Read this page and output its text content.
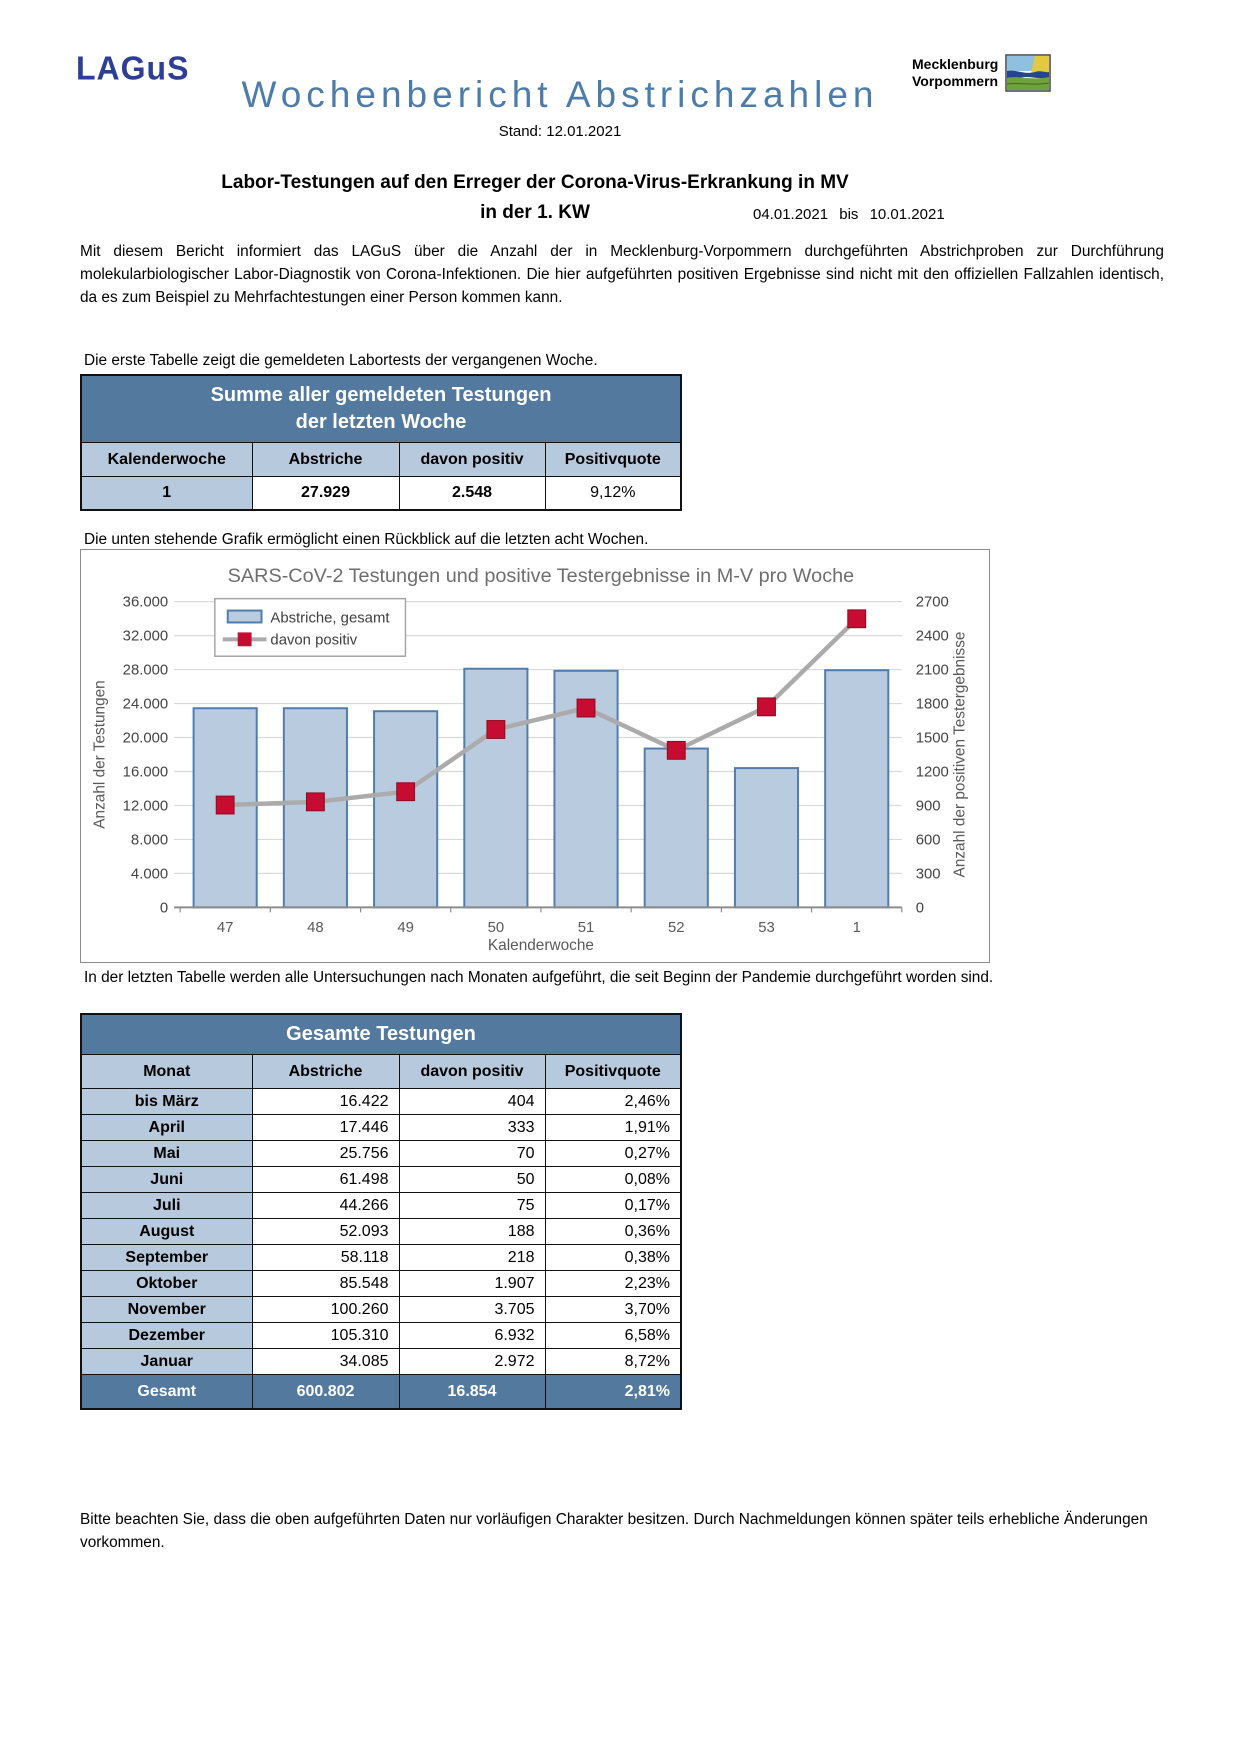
LAGuS
Wochenbericht Abstrichzahlen
Stand: 12.01.2021
Mecklenburg
Vorpommern
Labor-Testungen auf den Erreger der Corona-Virus-Erkrankung in MV
in der 1. KW	04.01.2021 bis 10.01.2021
Mit diesem Bericht informiert das LAGuS über die Anzahl der in Mecklenburg-Vorpommern durchgeführten Abstrichproben zur Durchführung molekularbiologischer Labor-Diagnostik von Corona-Infektionen. Die hier aufgeführten positiven Ergebnisse sind nicht mit den offiziellen Fallzahlen identisch, da es zum Beispiel zu Mehrfachtestungen einer Person kommen kann.
Die erste Tabelle zeigt die gemeldeten Labortests der vergangenen Woche.
Summe aller gemeldeten Testungen
der letzten Woche			
Kalenderwoche	Abstriche	davon positiv	Positivquote
1	27.929	2.548	9,12%
Die unten stehende Grafik ermöglicht einen Rückblick auf die letzten acht Wochen.
0	0
4.000	300
8.000	600
12.000	900
16.000	1200
20.000	1500
24.000	1800
28.000	2100
32.000	2400
36.000	2700
47	48	49	50	51	52	53	1
Kalenderwoche
SARS-CoV-2 Testungen und positive Testergebnisse in M-V pro Woche
Abstriche, gesamt
davon positiv
Anzahl der Testungen	Anzahl der positiven Testergebnisse
In der letzten Tabelle werden alle Untersuchungen nach Monaten aufgeführt, die seit Beginn der Pandemie durchgeführt worden sind.
Gesamte Testungen			
Monat	Abstriche	davon positiv	Positivquote
bis März	16.422	404	2,46%
April	17.446	333	1,91%
Mai	25.756	70	0,27%
Juni	61.498	50	0,08%
Juli	44.266	75	0,17%
August	52.093	188	0,36%
September	58.118	218	0,38%
Oktober	85.548	1.907	2,23%
November	100.260	3.705	3,70%
Dezember	105.310	6.932	6,58%
Januar	34.085	2.972	8,72%
Gesamt	600.802	16.854	2,81%
Bitte beachten Sie, dass die oben aufgeführten Daten nur vorläufigen Charakter besitzen. Durch Nachmeldungen können später teils erhebliche Änderungen vorkommen.
